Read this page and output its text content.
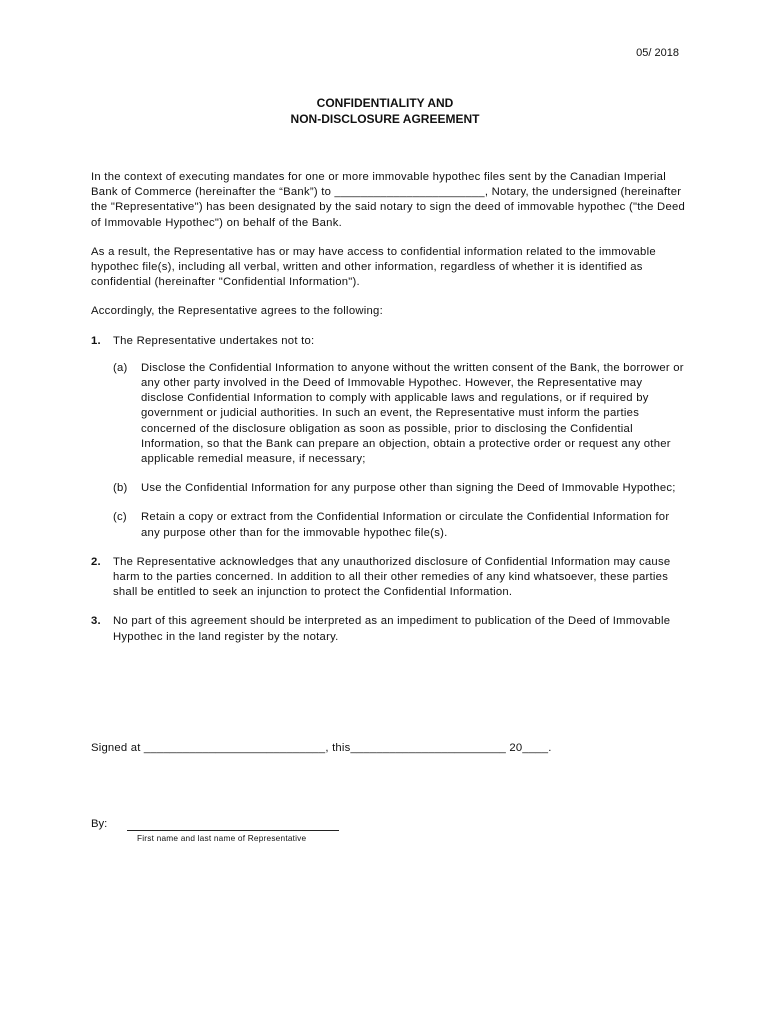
05/ 2018
CONFIDENTIALITY AND
NON-DISCLOSURE AGREEMENT

In the context of executing mandates for one or more immovable hypothec files sent by the Canadian Imperial Bank of Commerce (hereinafter the “Bank”) to _______________________, Notary, the undersigned (hereinafter the "Representative") has been designated by the said notary to sign the deed of immovable hypothec ("the Deed of Immovable Hypothec") on behalf of the Bank.

As a result, the Representative has or may have access to confidential information related to the immovable hypothec file(s), including all verbal, written and other information, regardless of whether it is identified as confidential (hereinafter "Confidential Information").

Accordingly, the Representative agrees to the following:

1.	The Representative undertakes not to:

(a)	Disclose the Confidential Information to anyone without the written consent of the Bank, the borrower or any other party involved in the Deed of Immovable Hypothec. However, the Representative may disclose Confidential Information to comply with applicable laws and regulations, or if required by government or judicial authorities. In such an event, the Representative must inform the parties concerned of the disclosure obligation as soon as possible, prior to disclosing the Confidential Information, so that the Bank can prepare an objection, obtain a protective order or request any other applicable remedial measure, if necessary;
(b)	Use the Confidential Information for any purpose other than signing the Deed of Immovable Hypothec;
(c)	Retain a copy or extract from the Confidential Information or circulate the Confidential Information for any purpose other than for the immovable hypothec file(s).
2.	The Representative acknowledges that any unauthorized disclosure of Confidential Information may cause harm to the parties concerned. In addition to all their other remedies of any kind whatsoever, these parties shall be entitled to seek an injunction to protect the Confidential Information.
3.	No part of this agreement should be interpreted as an impediment to publication of the Deed of Immovable Hypothec in the land register by the notary.
Signed at ____________________________, this________________________ 20____.
By:
First name and last name of Representative
